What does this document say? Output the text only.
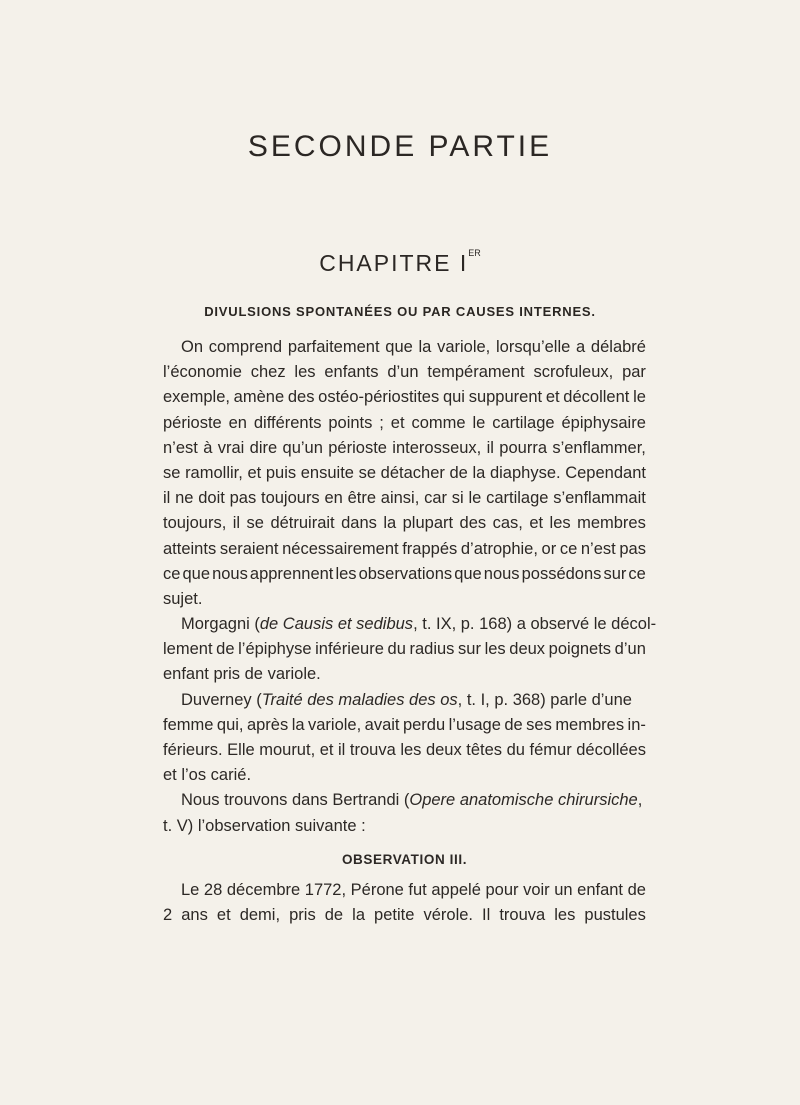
SECONDE PARTIE
CHAPITRE IER
DIVULSIONS SPONTANÉES OU PAR CAUSES INTERNES.
On comprend parfaitement que la variole, lorsqu’elle a délabré
l’économie chez les enfants d’un tempérament scrofuleux, par
exemple, amène des ostéo-périostites qui suppurent et décollent le
périoste en différents points ; et comme le cartilage épiphysaire
n’est à vrai dire qu’un périoste interosseux, il pourra s’enflammer,
se ramollir, et puis ensuite se détacher de la diaphyse. Cependant
il ne doit pas toujours en être ainsi, car si le cartilage s’enflammait
toujours, il se détruirait dans la plupart des cas, et les membres
atteints seraient nécessairement frappés d’atrophie, or ce n’est pas
ce que nous apprennent les observations que nous possédons sur ce
sujet.
Morgagni (de Causis et sedibus, t. IX, p. 168) a observé le décol-
lement de l’épiphyse inférieure du radius sur les deux poignets d’un
enfant pris de variole.
Duverney (Traité des maladies des os, t. I, p. 368) parle d’une
femme qui, après la variole, avait perdu l’usage de ses membres in-
férieurs. Elle mourut, et il trouva les deux têtes du fémur décollées
et l’os carié.
Nous trouvons dans Bertrandi (Opere anatomische chirursiche,
t. V) l’observation suivante :
OBSERVATION III.
Le 28 décembre 1772, Pérone fut appelé pour voir un enfant de
2 ans et demi, pris de la petite vérole. Il trouva les pustules
